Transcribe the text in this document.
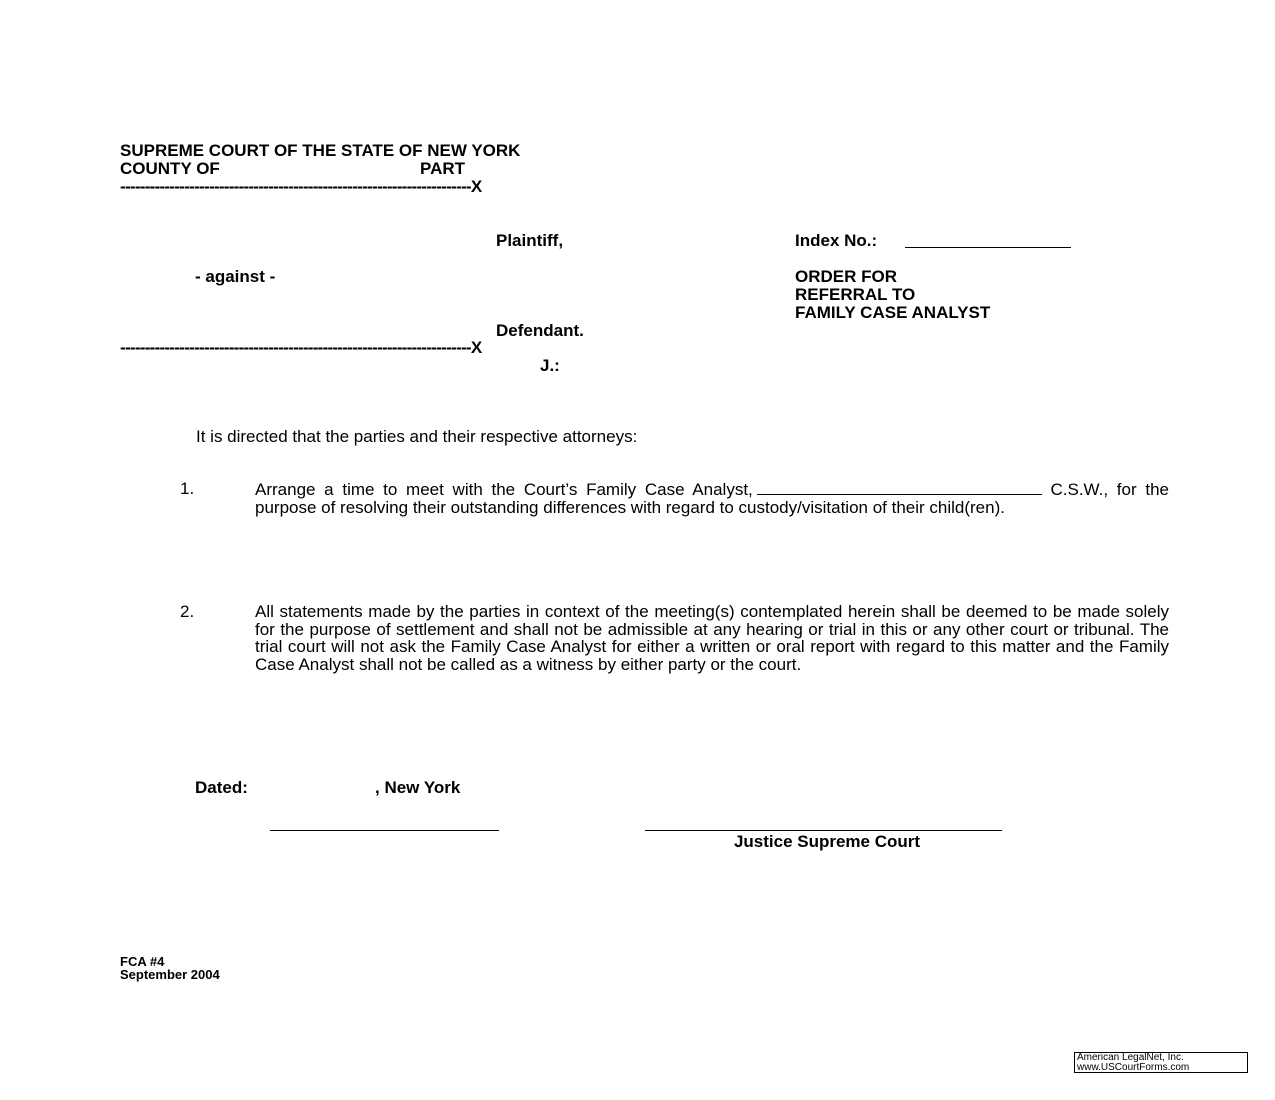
SUPREME COURT OF THE STATE OF NEW YORK
COUNTY OF	PART
-----------------------------------------------------------------------X
Plaintiff,	Index No.:
- against -	ORDER FOR
REFERRAL TO
FAMILY CASE ANALYST
Defendant.
-----------------------------------------------------------------------X
J.:
It is directed that the parties and their respective attorneys:
1.	Arrange a time to meet with the Court’s Family Case Analyst,	C.S.W., for the purpose of resolving their outstanding differences with regard to custody/visitation of their child(ren).
2.	All statements made by the parties in context of the meeting(s) contemplated herein shall be deemed to be made solely for the purpose of settlement and shall not be admissible at any hearing or trial in this or any other court or tribunal. The trial court will not ask the Family Case Analyst for either a written or oral report with regard to this matter and the Family Case Analyst shall not be called as a witness by either party or the court.
Dated:	, New York
Justice Supreme Court
FCA #4
September 2004
American LegalNet, Inc.
www.USCourtForms.com
